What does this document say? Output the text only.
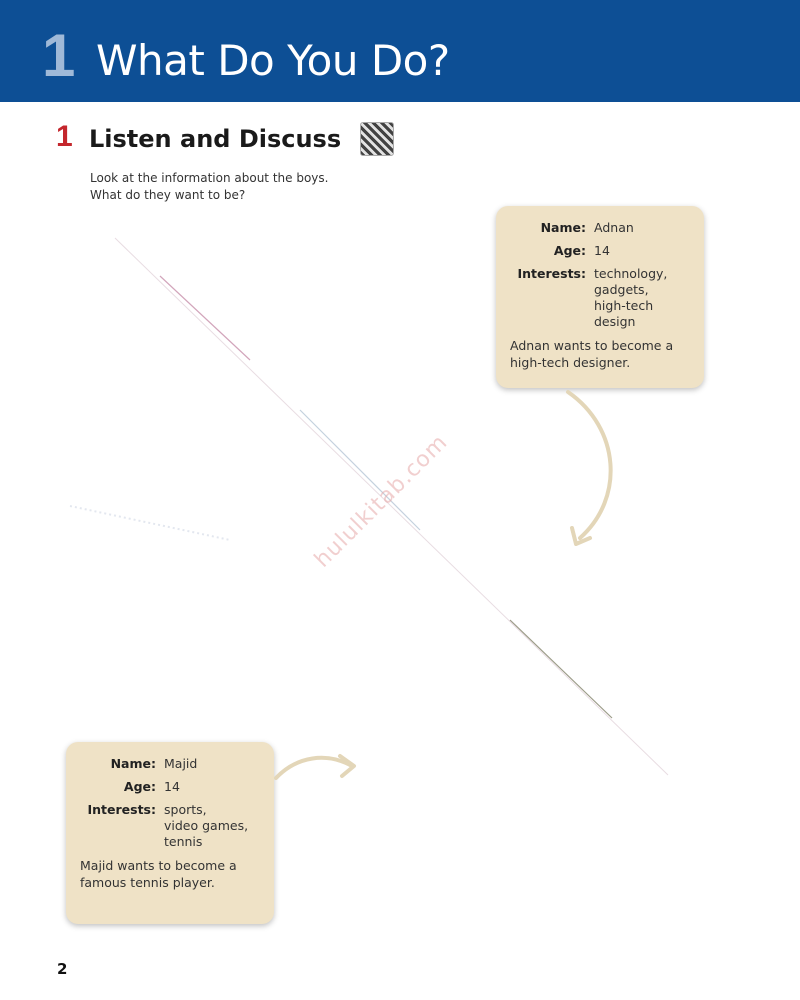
1 What Do You Do?
1 Listen and Discuss

Look at the information about the boys.

What do they want to be?

hululkitab.com
Name: Adnan
Age: 14
Interests: technology,
gadgets,
high-tech design

Adnan wants to become a
high-tech designer.

Name: Majid
Age: 14
Interests: sports,
video games,
tennis

Majid wants to become a
famous tennis player.

2
